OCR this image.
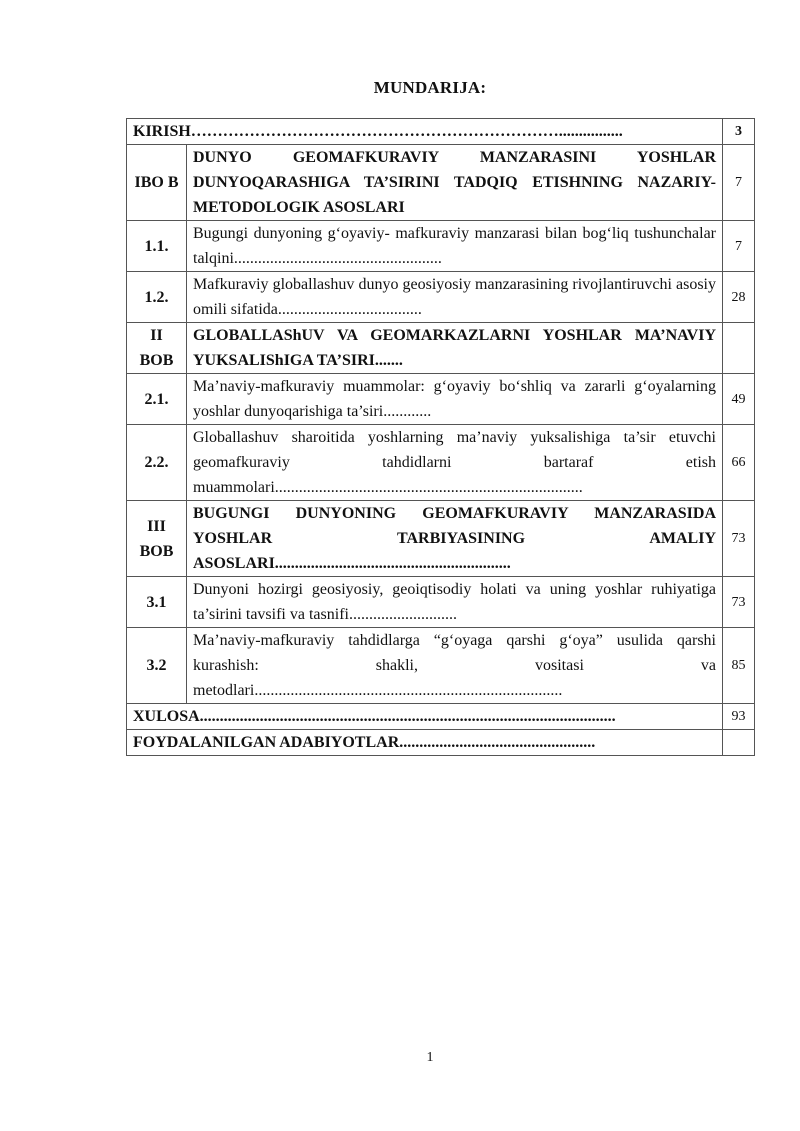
MUNDARIJA:
KIRISH……………………………………………………………................		3
IBO B	DUNYO GEOMAFKURAVIY MANZARASINI YOSHLAR DUNYOQARASHIGA TA’SIRINI TADQIQ ETISHNING NAZARIY-METODOLOGIK ASOSLARI	7
1.1.	Bugungi dunyoning g‘oyaviy- mafkuraviy manzarasi bilan bog‘liq tushunchalar talqini....................................................	7
1.2.	Mafkuraviy globallashuv dunyo geosiyosiy manzarasining rivojlantiruvchi asosiy omili sifatida....................................	28
II BOB	GLOBALLAShUV VA GEOMARKAZLARNI YOSHLAR MA’NAVIY YUKSALIShIGA TA’SIRI.......	
2.1.	Ma’naviy-mafkuraviy muammolar: g‘oyaviy bo‘shliq va zararli g‘oyalarning yoshlar dunyoqarishiga ta’siri............	49
2.2.	Globallashuv sharoitida yoshlarning ma’naviy yuksalishiga ta’sir etuvchi geomafkuraviy tahdidlarni bartaraf etish muammolari.............................................................................	66
III BOB	BUGUNGI DUNYONING GEOMAFKURAVIY MANZARASIDA YOSHLAR TARBIYASINING AMALIY ASOSLARI...........................................................	73
3.1	Dunyoni hozirgi geosiyosiy, geoiqtisodiy holati va uning yoshlar ruhiyatiga ta’sirini tavsifi va tasnifi...........................	73
3.2	Ma’naviy-mafkuraviy tahdidlarga “g‘oyaga qarshi g‘oya” usulida qarshi kurashish: shakli, vositasi va metodlari.............................................................................	85
XULOSA........................................................................................................		93
FOYDALANILGAN ADABIYOTLAR.................................................		
1
